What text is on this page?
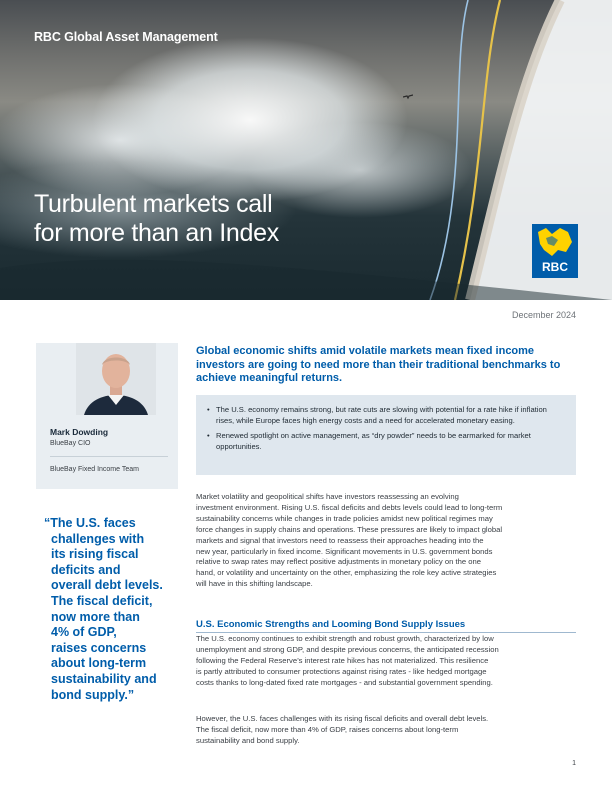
RBC Global Asset Management
Turbulent markets call
for more than an Index
RBC
December 2024
Mark Dowding
BlueBay CIO
BlueBay Fixed Income Team
“The U.S. faces
challenges with
its rising fiscal
deficits and
overall debt levels.
The fiscal deficit,
now more than
4% of GDP,
raises concerns
about long-term
sustainability and
bond supply.”

Global economic shifts amid volatile markets mean fixed income investors are going to need more than their traditional benchmarks to achieve meaningful returns.

• The U.S. economy remains strong, but rate cuts are slowing with potential for a rate hike if inflation rises, while Europe faces high energy costs and a need for accelerated monetary easing.
• Renewed spotlight on active management, as “dry powder” needs to be earmarked for market opportunities.
Market volatility and geopolitical shifts have investors reassessing an evolving
investment environment. Rising U.S. fiscal deficits and debts levels could lead to long-term
sustainability concerns while changes in trade policies amidst new political regimes may
force changes in supply chains and operations. These pressures are likely to impact global
markets and signal that investors need to reassess their approaches heading into the
new year, particularly in fixed income. Significant movements in U.S. government bonds
relative to swap rates may reflect positive adjustments in monetary policy on the one
hand, or volatility and uncertainty on the other, emphasizing the role key active strategies
will have in this shifting landscape.
U.S. Economic Strengths and Looming Bond Supply Issues
The U.S. economy continues to exhibit strength and robust growth, characterized by low
unemployment and strong GDP, and despite previous concerns, the anticipated recession
following the Federal Reserve’s interest rate hikes has not materialized. This resilience
is partly attributed to consumer protections against rising rates - like hedged mortgage
costs thanks to long-dated fixed rate mortgages - and substantial government spending.
However, the U.S. faces challenges with its rising fiscal deficits and overall debt levels.
The fiscal deficit, now more than 4% of GDP, raises concerns about long-term
sustainability and bond supply.
1
